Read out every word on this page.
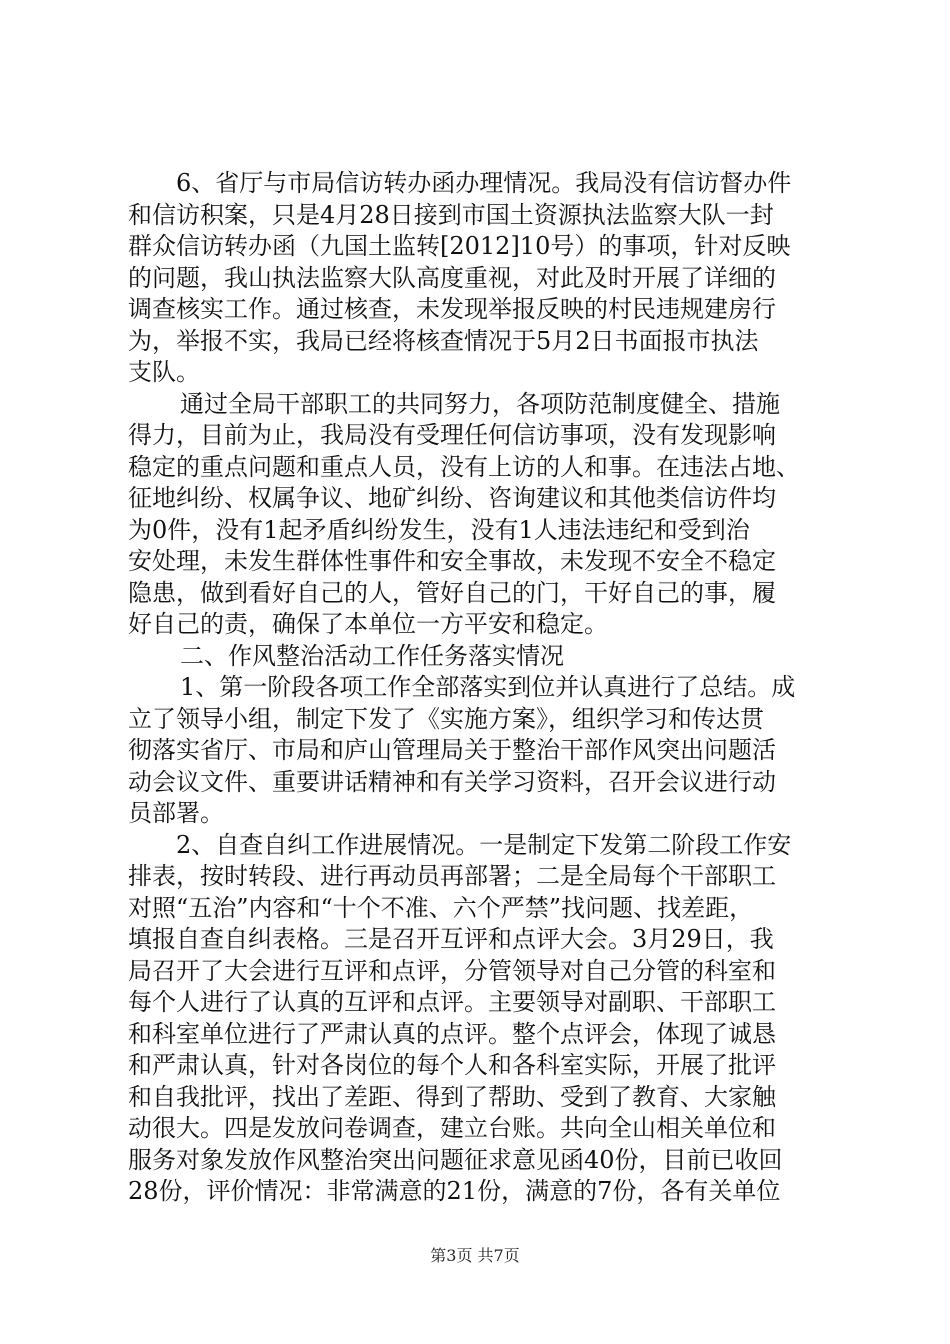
6、省厅与市局信访转办函办理情况。我局没有信访督办件
和信访积案，只是4月28日接到市国土资源执法监察大队一封
群众信访转办函（九国土监转[2012]10号）的事项，针对反映
的问题，我山执法监察大队高度重视，对此及时开展了详细的
调查核实工作。通过核查，未发现举报反映的村民违规建房行
为，举报不实，我局已经将核查情况于5月2日书面报市执法
支队。
通过全局干部职工的共同努力，各项防范制度健全、措施
得力，目前为止，我局没有受理任何信访事项，没有发现影响
稳定的重点问题和重点人员，没有上访的人和事。在违法占地、
征地纠纷、权属争议、地矿纠纷、咨询建议和其他类信访件均
为0件，没有1起矛盾纠纷发生，没有1人违法违纪和受到治
安处理，未发生群体性事件和安全事故，未发现不安全不稳定
隐患，做到看好自己的人，管好自己的门，干好自己的事，履
好自己的责，确保了本单位一方平安和稳定。
二、作风整治活动工作任务落实情况
1、第一阶段各项工作全部落实到位并认真进行了总结。成
立了领导小组，制定下发了《实施方案》，组织学习和传达贯
彻落实省厅、市局和庐山管理局关于整治干部作风突出问题活
动会议文件、重要讲话精神和有关学习资料，召开会议进行动
员部署。
2、自查自纠工作进展情况。一是制定下发第二阶段工作安
排表，按时转段、进行再动员再部署；二是全局每个干部职工
对照“五治”内容和“十个不准、六个严禁”找问题、找差距，
填报自查自纠表格。三是召开互评和点评大会。3月29日，我
局召开了大会进行互评和点评，分管领导对自己分管的科室和
每个人进行了认真的互评和点评。主要领导对副职、干部职工
和科室单位进行了严肃认真的点评。整个点评会，体现了诚恳
和严肃认真，针对各岗位的每个人和各科室实际，开展了批评
和自我批评，找出了差距、得到了帮助、受到了教育、大家触
动很大。四是发放问卷调查，建立台账。共向全山相关单位和
服务对象发放作风整治突出问题征求意见函40份，目前已收回
28份，评价情况：非常满意的21份，满意的7份，各有关单位
第3页 共7页
